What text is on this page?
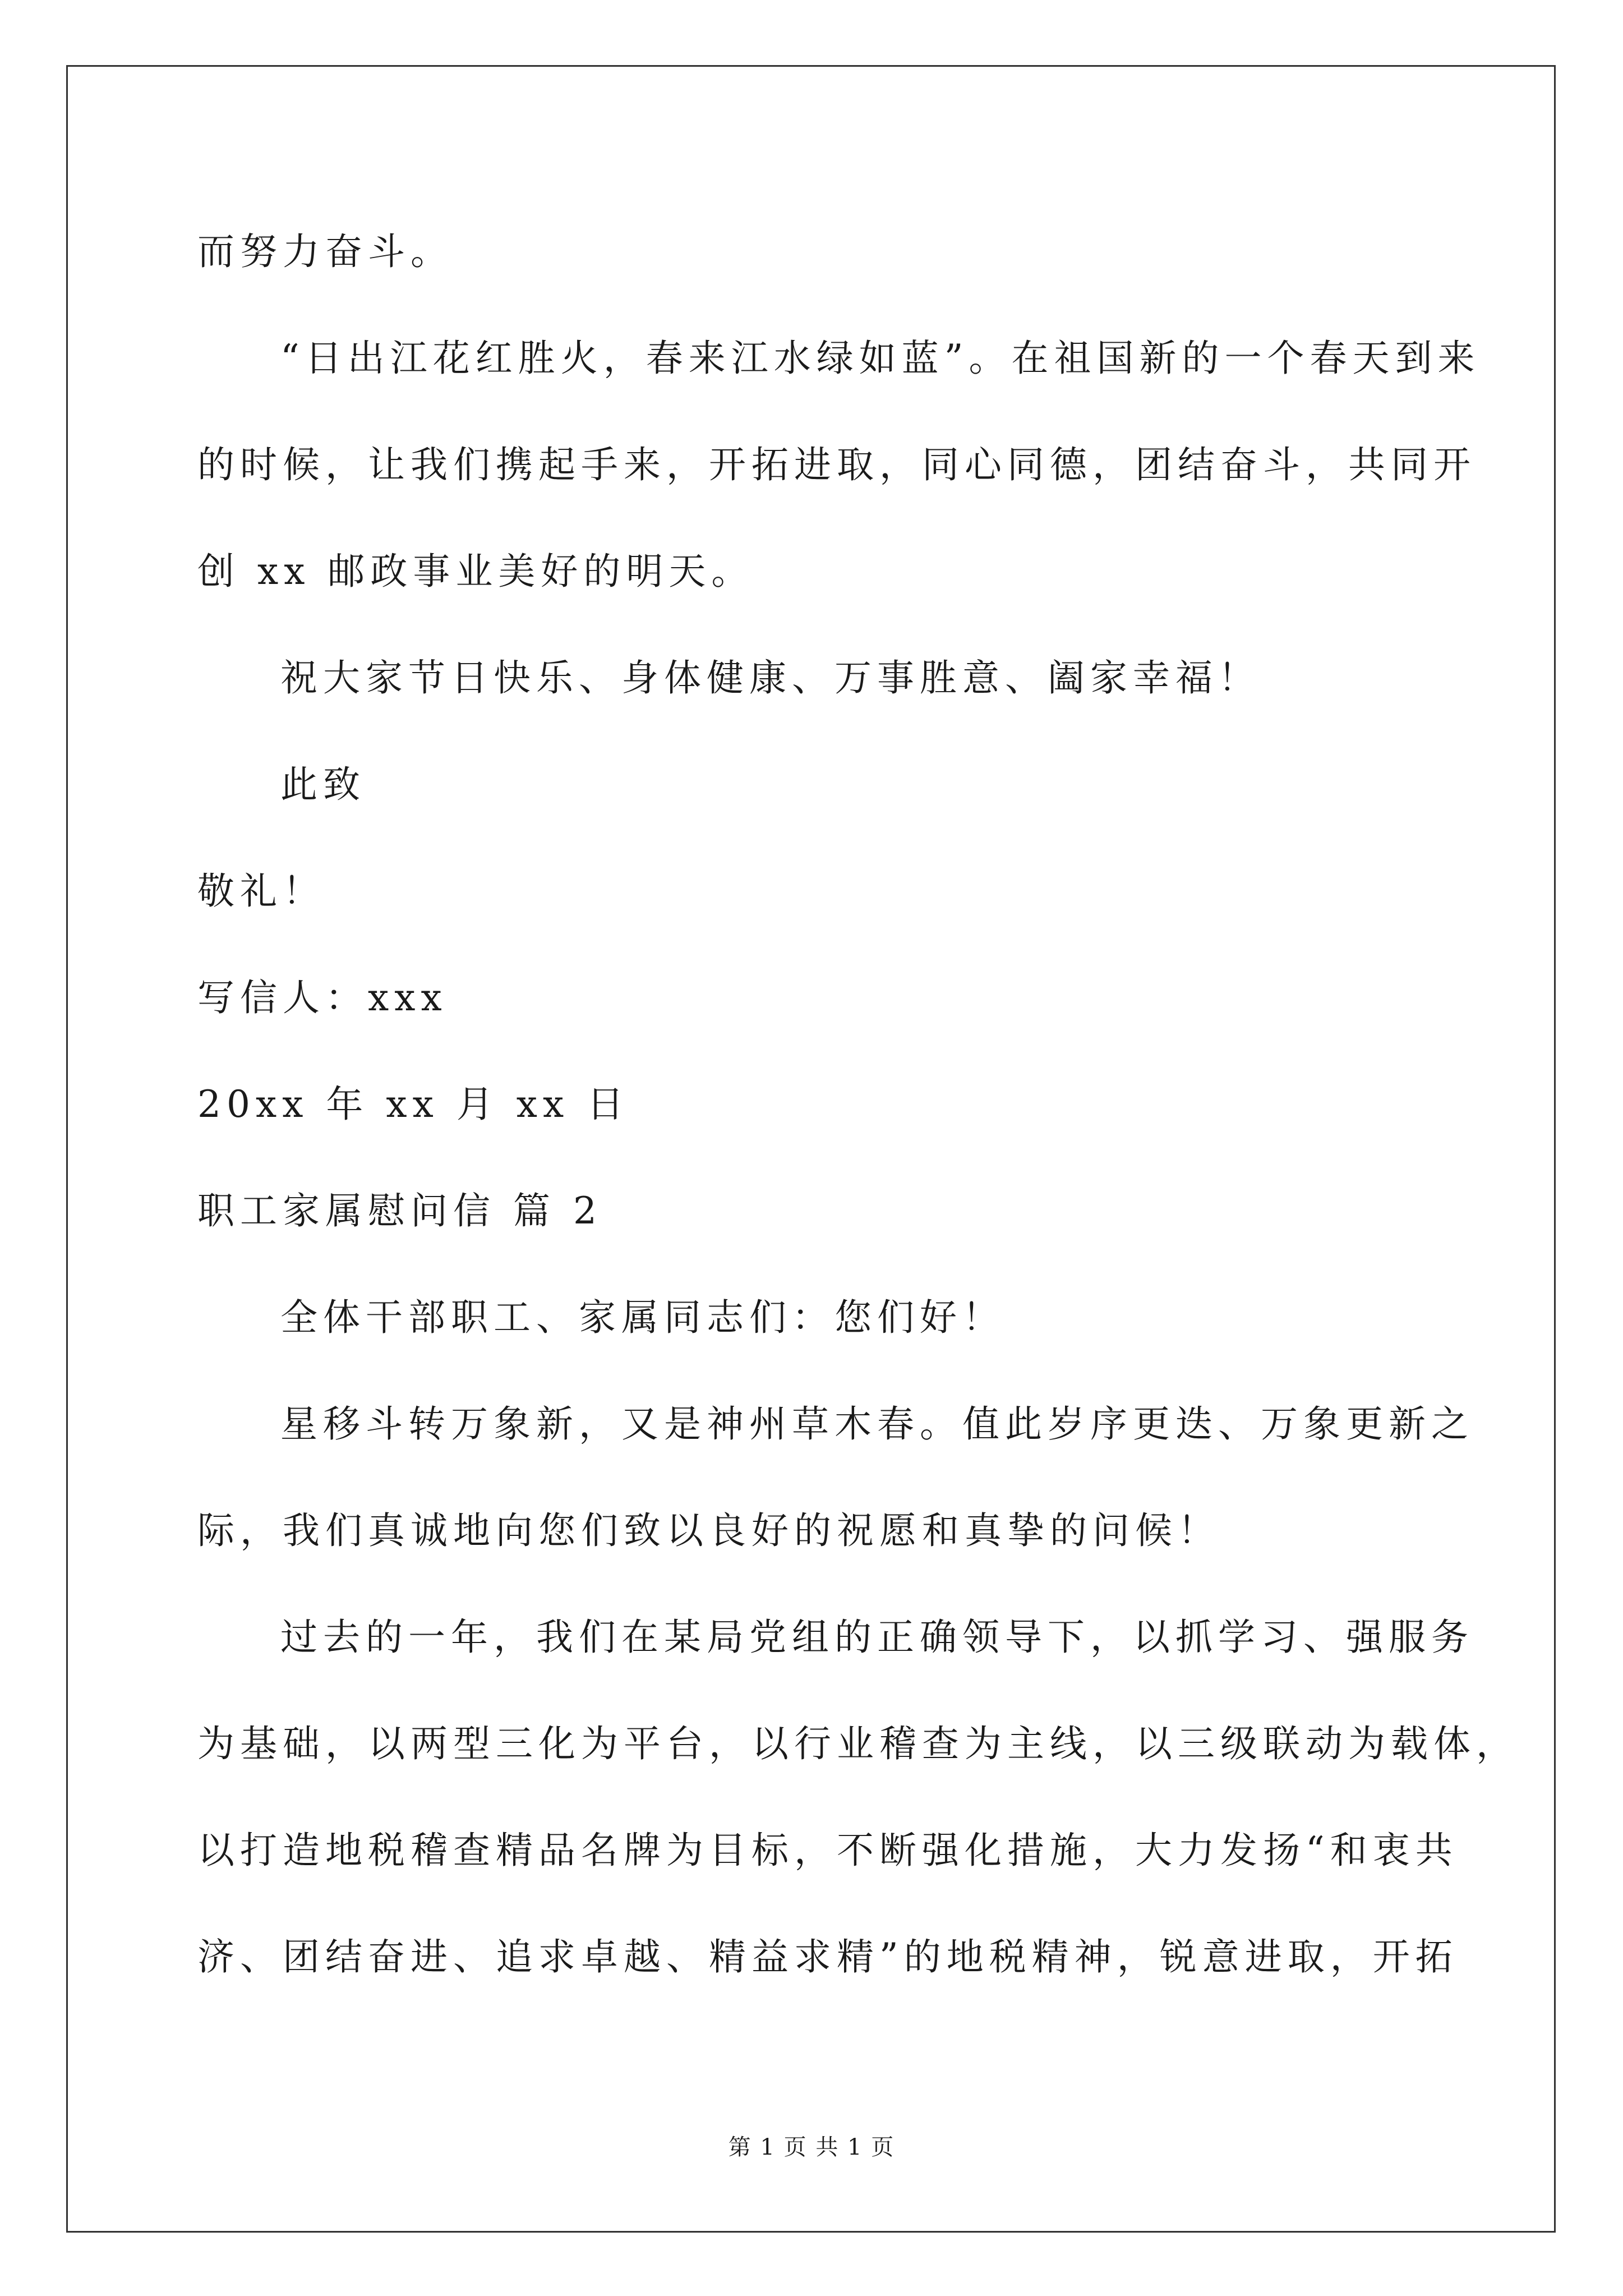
而努力奋斗。
“日出江花红胜火，春来江水绿如蓝”。在祖国新的一个春天到来
的时候，让我们携起手来，开拓进取，同心同德，团结奋斗，共同开
创 xx 邮政事业美好的明天。
祝大家节日快乐、身体健康、万事胜意、阖家幸福！
此致
敬礼！
写信人：xxx
20xx 年 xx 月 xx 日
职工家属慰问信 篇 2
全体干部职工、家属同志们：您们好！
星移斗转万象新，又是神州草木春。值此岁序更迭、万象更新之
际，我们真诚地向您们致以良好的祝愿和真挚的问候！
过去的一年，我们在某局党组的正确领导下，以抓学习、强服务
为基础，以两型三化为平台，以行业稽查为主线，以三级联动为载体，
以打造地税稽查精品名牌为目标，不断强化措施，大力发扬“和衷共
济、团结奋进、追求卓越、精益求精”的地税精神，锐意进取，开拓
第 1 页 共 1 页
